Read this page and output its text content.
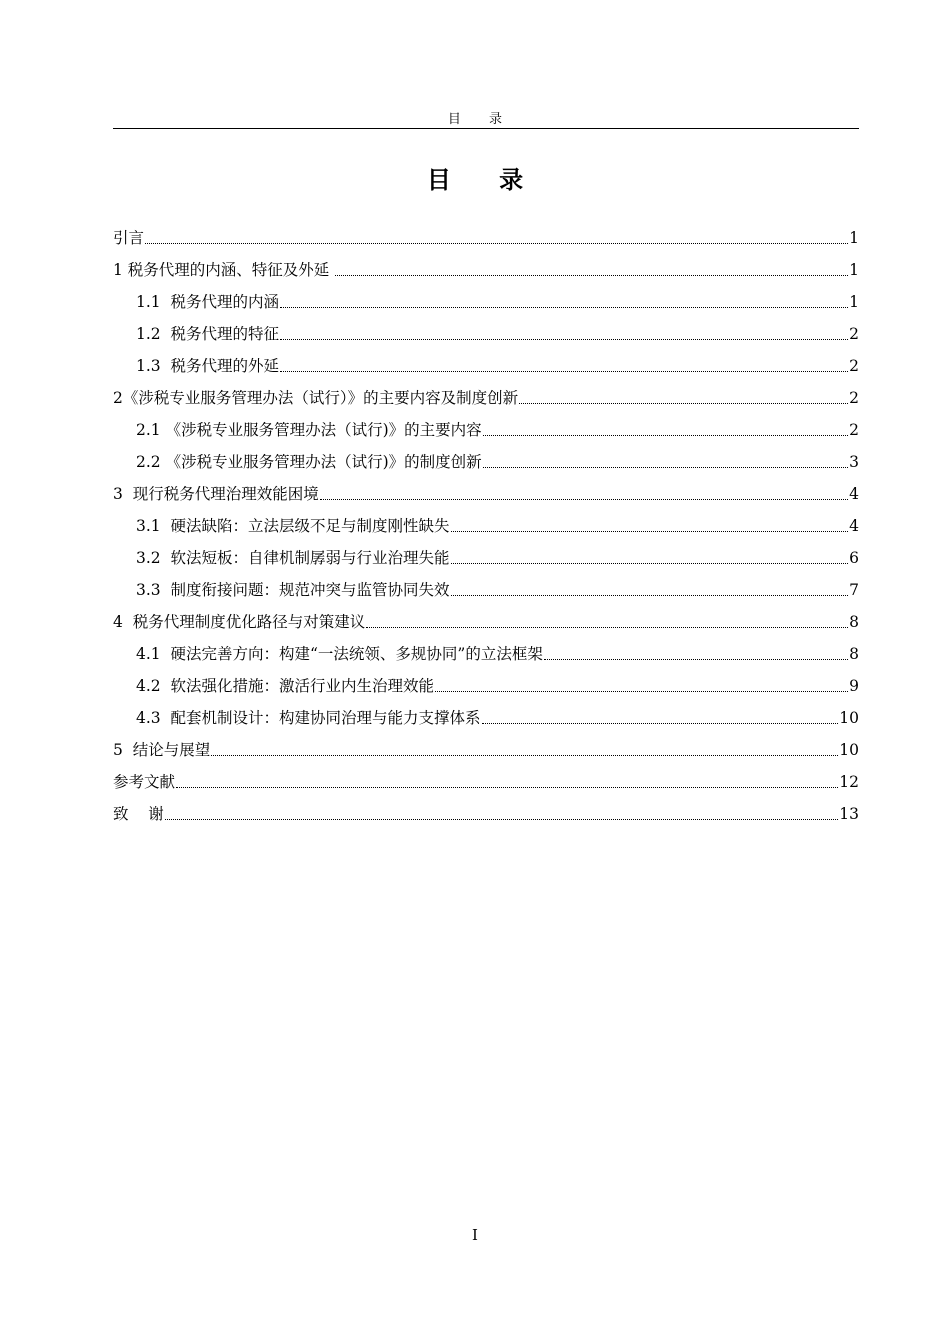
目 录
目 录
引言	1
1 税务代理的内涵、特征及外延	1
1.1  税务代理的内涵	1
1.2  税务代理的特征	2
1.3  税务代理的外延	2
2《涉税专业服务管理办法（试行）》的主要内容及制度创新	2
2.1 《涉税专业服务管理办法（试行)》的主要内容	2
2.2 《涉税专业服务管理办法（试行)》的制度创新	3
3  现行税务代理治理效能困境	4
3.1  硬法缺陷：立法层级不足与制度刚性缺失	4
3.2  软法短板：自律机制孱弱与行业治理失能	6
3.3  制度衔接问题：规范冲突与监管协同失效	7
4  税务代理制度优化路径与对策建议	8
4.1  硬法完善方向：构建“一法统领、多规协同”的立法框架	8
4.2  软法强化措施：激活行业内生治理效能	9
4.3  配套机制设计：构建协同治理与能力支撑体系	10
5  结论与展望	10
参考文献	12
致    谢	13
I
